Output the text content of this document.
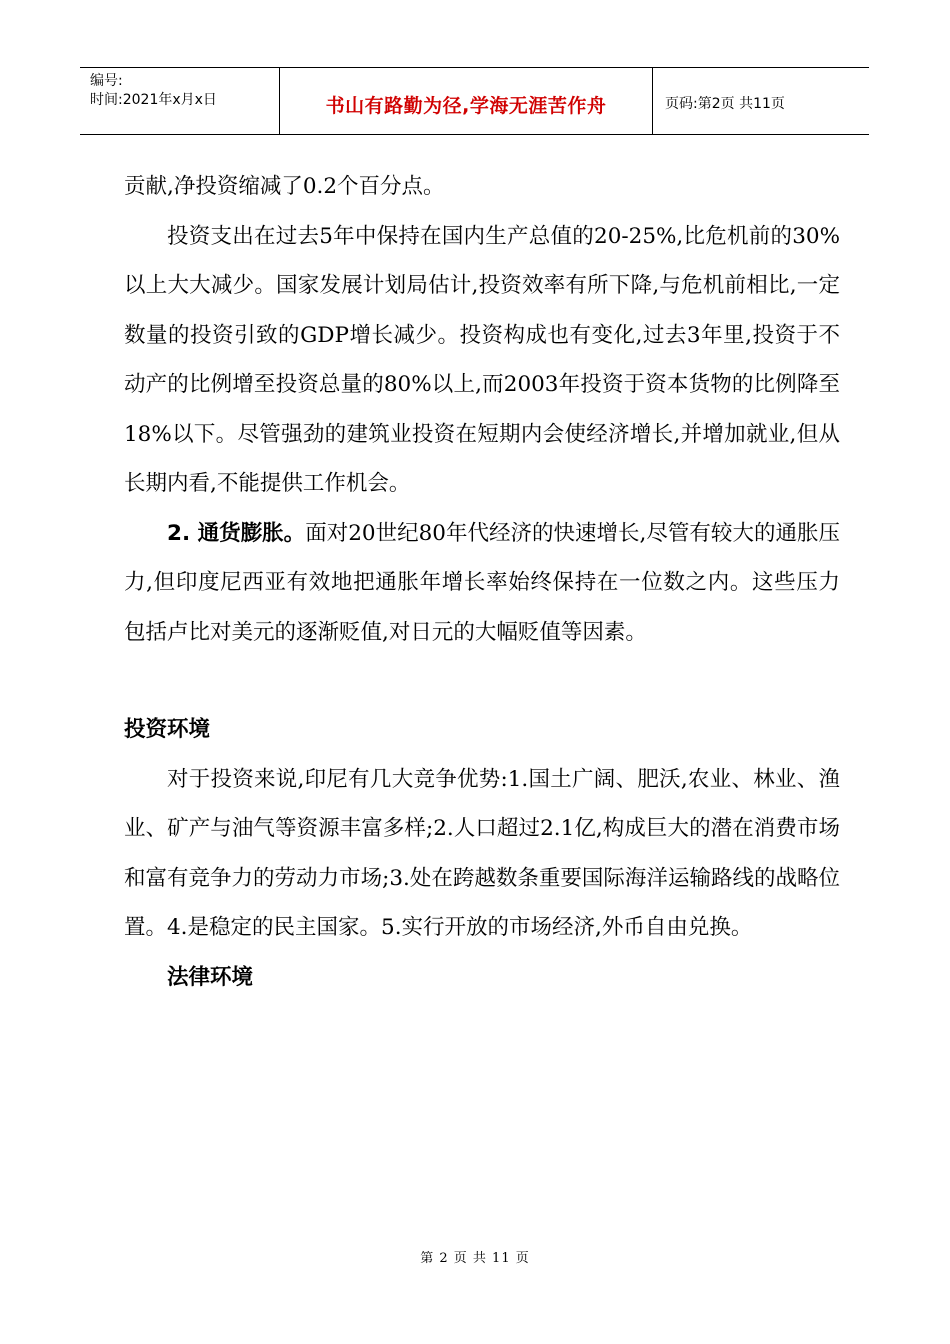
编号:
时间:2021年x月x日	书山有路勤为径,学海无涯苦作舟	页码:第2页 共11页

贡献,净投资缩减了0.2个百分点。

投资支出在过去5年中保持在国内生产总值的20-25%,比危机前的30%以上大大减少。国家发展计划局估计,投资效率有所下降,与危机前相比,一定数量的投资引致的GDP增长减少。投资构成也有变化,过去3年里,投资于不动产的比例增至投资总量的80%以上,而2003年投资于资本货物的比例降至18%以下。尽管强劲的建筑业投资在短期内会使经济增长,并增加就业,但从长期内看,不能提供工作机会。

2. 通货膨胀。面对20世纪80年代经济的快速增长,尽管有较大的通胀压力,但印度尼西亚有效地把通胀年增长率始终保持在一位数之内。这些压力包括卢比对美元的逐渐贬值,对日元的大幅贬值等因素。

投资环境

对于投资来说,印尼有几大竞争优势:1.国土广阔、肥沃,农业、林业、渔业、矿产与油气等资源丰富多样;2.人口超过2.1亿,构成巨大的潜在消费市场和富有竞争力的劳动力市场;3.处在跨越数条重要国际海洋运输路线的战略位置。4.是稳定的民主国家。5.实行开放的市场经济,外币自由兑换。

法律环境

第 2 页 共 11 页
